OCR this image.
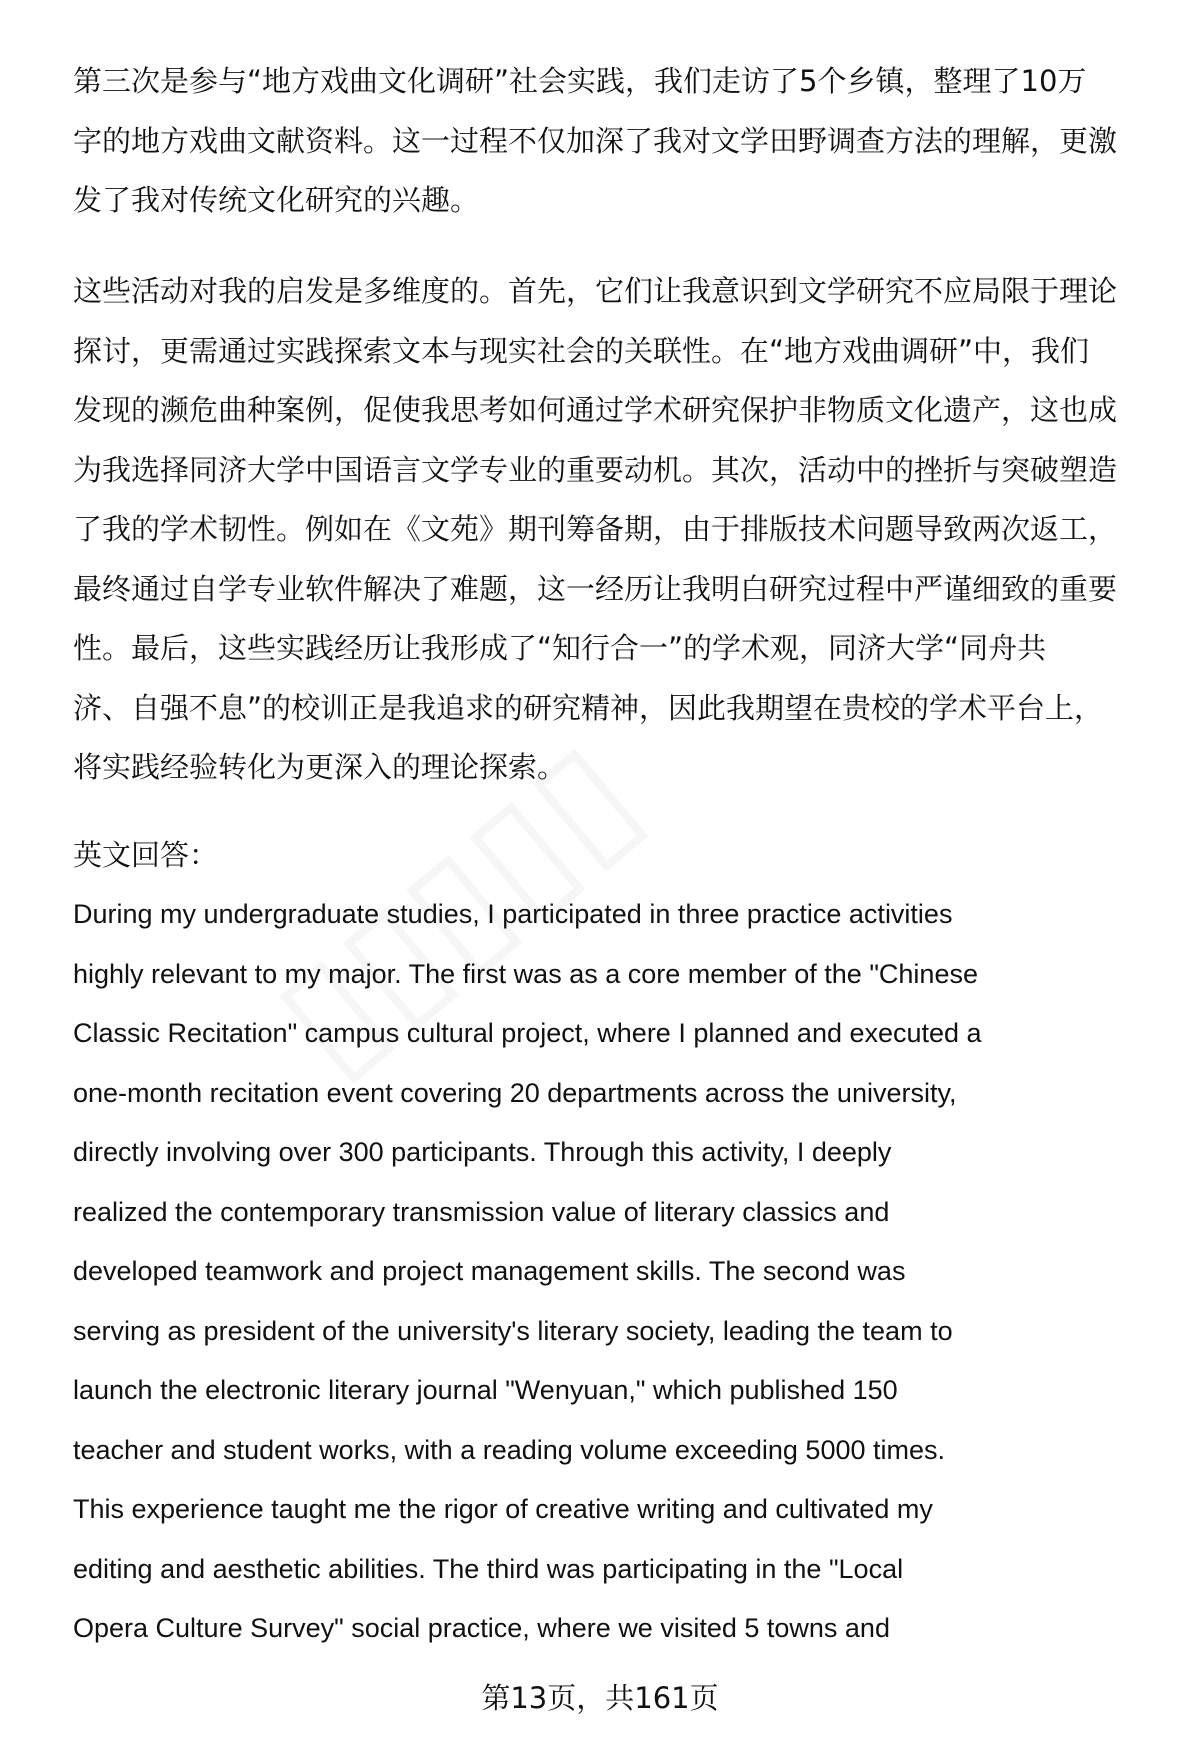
第三次是参与“地方戏曲文化调研”社会实践，我们走访了5个乡镇，整理了10万
字的地方戏曲文献资料。这一过程不仅加深了我对文学田野调查方法的理解，更激
发了我对传统文化研究的兴趣。
这些活动对我的启发是多维度的。首先，它们让我意识到文学研究不应局限于理论
探讨，更需通过实践探索文本与现实社会的关联性。在“地方戏曲调研”中，我们
发现的濒危曲种案例，促使我思考如何通过学术研究保护非物质文化遗产，这也成
为我选择同济大学中国语言文学专业的重要动机。其次，活动中的挫折与突破塑造
了我的学术韧性。例如在《文苑》期刊筹备期，由于排版技术问题导致两次返工，
最终通过自学专业软件解决了难题，这一经历让我明白研究过程中严谨细致的重要
性。最后，这些实践经历让我形成了“知行合一”的学术观，同济大学“同舟共
济、自强不息”的校训正是我追求的研究精神，因此我期望在贵校的学术平台上，
将实践经验转化为更深入的理论探索。
英文回答：
During my undergraduate studies, I participated in three practice activities
highly relevant to my major. The first was as a core member of the "Chinese
Classic Recitation" campus cultural project, where I planned and executed a
one-month recitation event covering 20 departments across the university,
directly involving over 300 participants. Through this activity, I deeply
realized the contemporary transmission value of literary classics and
developed teamwork and project management skills. The second was
serving as president of the university's literary society, leading the team to
launch the electronic literary journal "Wenyuan," which published 150
teacher and student works, with a reading volume exceeding 5000 times.
This experience taught me the rigor of creative writing and cultivated my
editing and aesthetic abilities. The third was participating in the "Local
Opera Culture Survey" social practice, where we visited 5 towns and
第13页，共161页
